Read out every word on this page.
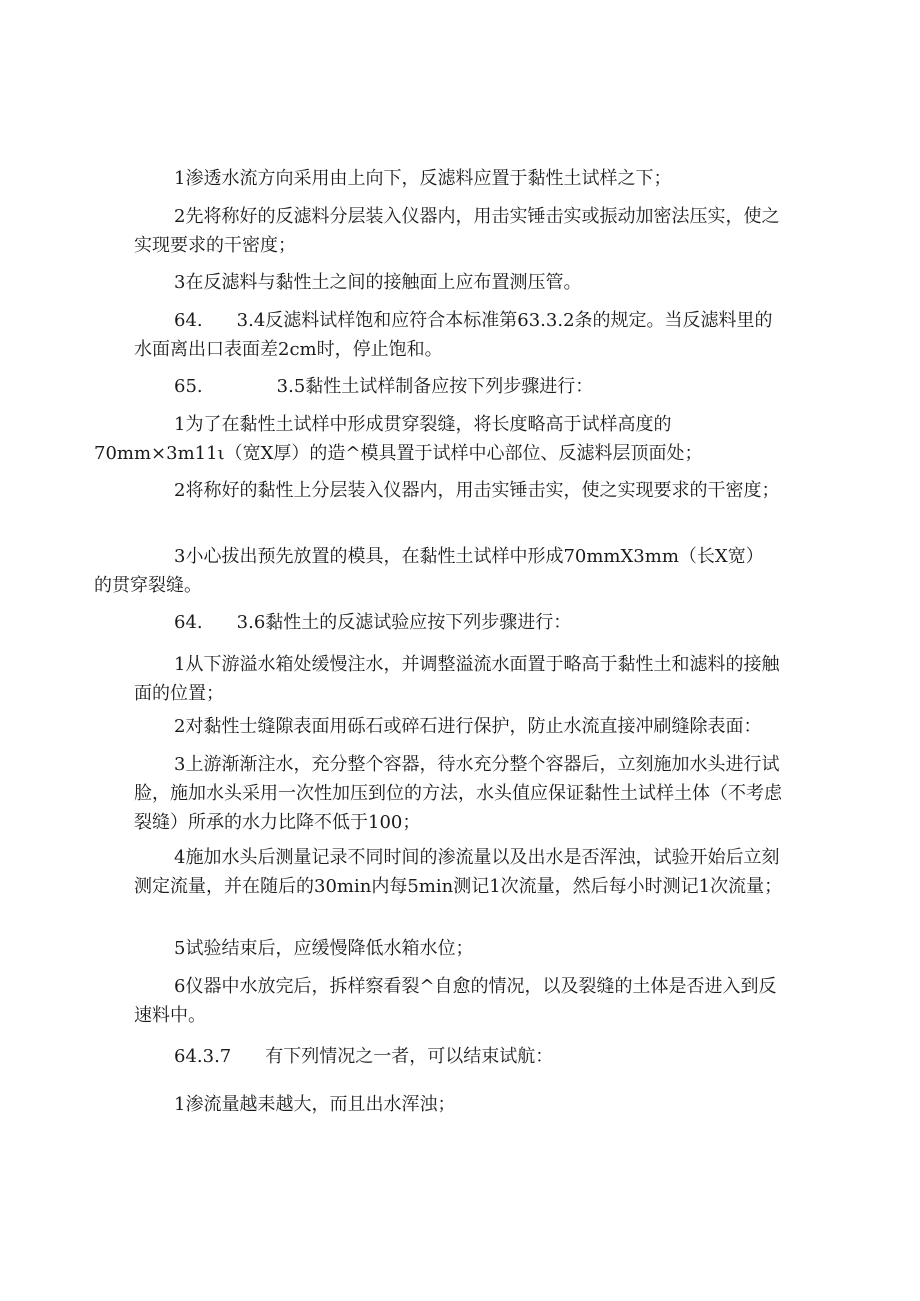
1渗透水流方向采用由上向下，反滤料应置于黏性土试样之下；

2先将称好的反滤料分层装入仪器内，用击实锤击实或振动加密法压实，使之实现要求的干密度；

3在反滤料与黏性土之间的接触面上应布置测压管。

64. 3.4反滤料试样饱和应符合本标准第63.3.2条的规定。当反滤料里的水面离出口表面差2cm时，停止饱和。

65.	3.5黏性土试样制备应按下列步骤进行：

1为了在黏性土试样中形成贯穿裂缝，将长度略高于试样高度的
70mm×3m11ι（宽X厚）的造^模具置于试样中心部位、反滤料层顶面处；

2将称好的黏性上分层装入仪器内，用击实锤击实，使之实现要求的干密度；

3小心拔出预先放置的模具，在黏性土试样中形成70mmX3mm（长X宽）
的贯穿裂缝。

64. 3.6黏性土的反滤试验应按下列步骤进行：

1从下游溢水箱处缓慢注水，并调整溢流水面置于略高于黏性土和滤料的接触面的位置；

2对黏性士缝隙表面用砾石或碎石进行保护，防止水流直接冲刷缝除表面：

3上游渐渐注水，充分整个容器，待水充分整个容器后，立刻施加水头进行试脸，施加水头采用一次性加压到位的方法，水头值应保证黏性土试样土体（不考虑裂缝）所承的水力比降不低于100；

4施加水头后测量记录不同时间的渗流量以及出水是否浑浊，试验开始后立刻测定流量，并在随后的30min内每5min测记1次流量，然后每小时测记1次流量；

5试验结束后，应缓慢降低水箱水位；

6仪器中水放完后，拆样察看裂^自愈的情况，以及裂缝的土体是否进入到反速料中。

64.3.7 有下列情况之一者，可以结束试航：

1渗流量越耒越大，而且出水浑浊；
